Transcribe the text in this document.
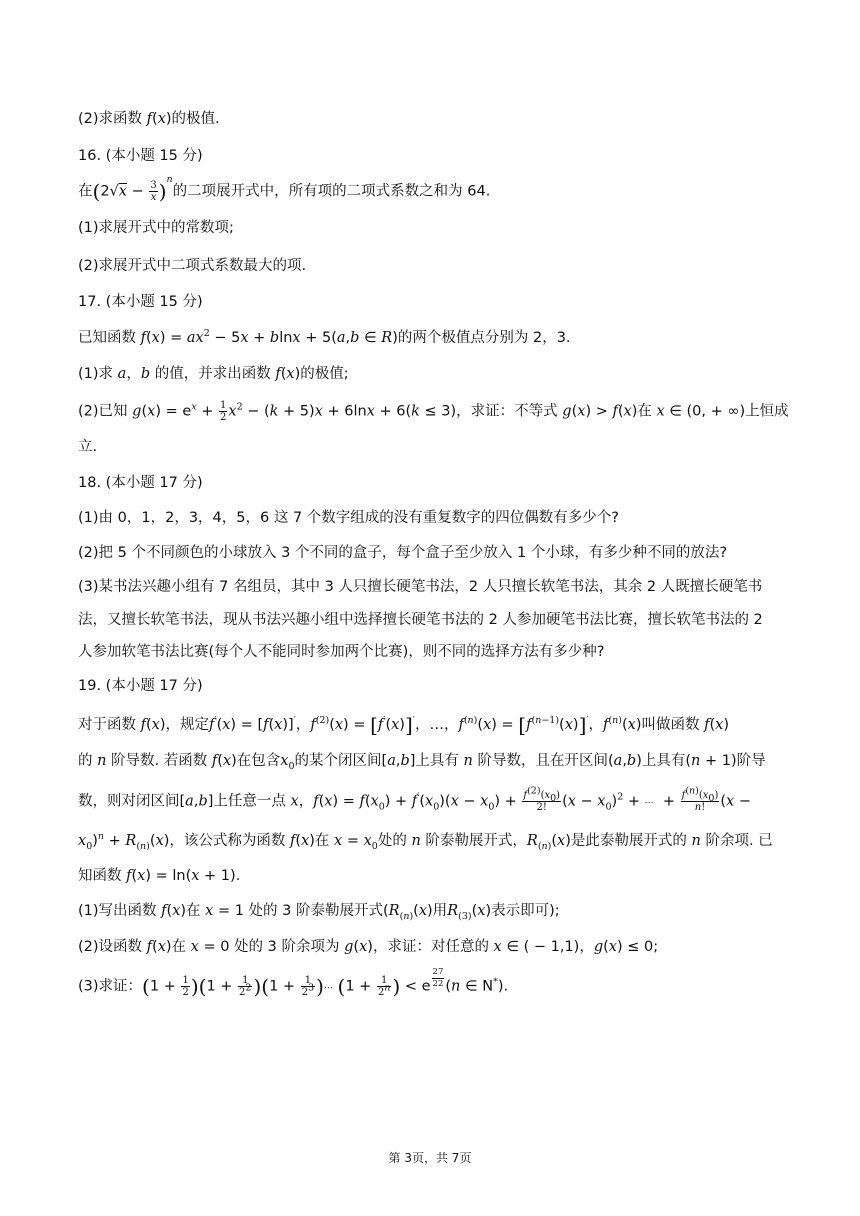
(2)求函数 f(x)的极值.
16. (本小题 15 分)
在$(2√x - \frac{3}{x} )^n$的二项展开式中，所有项的二项式系数之和为 64.
(1)求展开式中的常数项;
(2)求展开式中二项式系数最大的项.
17. (本小题 15 分)
已知函数 $f(x) = ax^2 - 5x + blnx + 5(a,b$ ∈ R)的两个极值点分别为 2，3.
(1)求 a，b 的值，并求出函数 f(x)的极值;
(2)已知 $g(x) = e^x + \frac{1}{2} x^2 - (k + 5)x + 6\ln x + 6(k \le 3)$，求证：不等式 g(x) > f(x)在 x ∈ (0, + ∞)上恒成
立.
18. (本小题 17 分)
(1)由 0，1，2，3，4，5，6 这 7 个数字组成的没有重复数字的四位偶数有多少个?
(2)把 5 个不同颜色的小球放入 3 个不同的盒子，每个盒子至少放入 1 个小球，有多少种不同的放法?
(3)某书法兴趣小组有 7 名组员，其中 3 人只擅长硬笔书法，2 人只擅长软笔书法，其余 2 人既擅长硬笔书
法，又擅长软笔书法，现从书法兴趣小组中选择擅长硬笔书法的 2 人参加硬笔书法比赛，擅长软笔书法的 2
人参加软笔书法比赛(每个人不能同时参加两个比赛)，则不同的选择方法有多少种?
19. (本小题 17 分)
对于函数 f(x)，规定f′(x) = [f(x)]′，$f^{(2)}(x) = [f'(x)]'$，…，$f^{(n)}(x) = [f^{(n-1)}(x)]'$，$f^{(n)}(x)$叫做函数 f(x)
的 n 阶导数. 若函数 f(x)在包含$x_0$的某个闭区间[a,b]上具有 n 阶导数，且在开区间(a,b)上具有(n + 1)阶导
数，则对闭区间[a,b]上任意一点 x，$f(x) = f(x_0) + f'(x_0)(x - x_0) + \frac{f^{(2)}(x_0)}{2!} (x - x_0)^2$ + ⋯  + $\frac{f^{(n)}(x_0)}{n!} (x$ −
$x_0)^n + R_{(n)}(x)$，该公式称为函数 f(x)在 $x = x_0$处的 n 阶泰勒展开式，$R_{(n)}(x)$是此泰勒展开式的 n 阶余项. 已
知函数 f(x) = ln(x + 1).
(1)写出函数 f(x)在 x = 1 处的 3 阶泰勒展开式($R_{(n)}(x)$用$R_{(3)}(x)$表示即可);
(2)设函数 f(x)在 x = 0 处的 3 阶余项为 g(x)，求证：对任意的 x ∈ ( − 1,1)，g(x) ≤ 0;
(3)求证：$(1 + \frac{1}{2} )(1 + \frac{1}{2^2} )(1 + \frac{1}{2^3}$ )⋯ ($1 + \frac{1}{2^n}$ ) < e $\frac{27}{22} (n$ ∈ N*).
第 3页，共 7页
